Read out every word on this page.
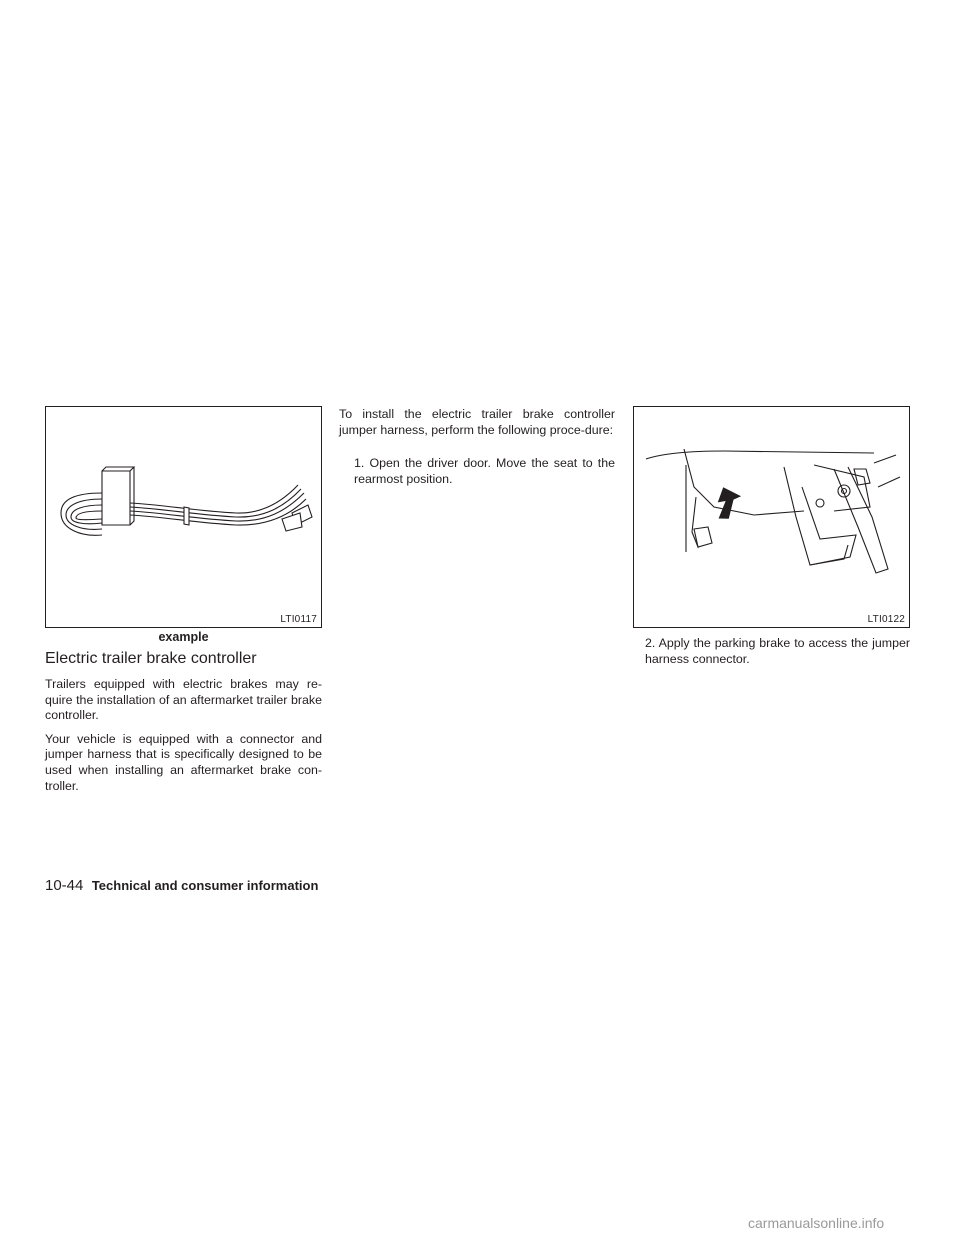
LTI0117
example
Electric trailer brake controller

Trailers equipped with electric brakes may re-quire the installation of an aftermarket trailer brake controller.

Your vehicle is equipped with a connector and jumper harness that is specifically designed to be used when installing an aftermarket brake con-troller.

To install the electric trailer brake controller jumper harness, perform the following proce-dure:
1. Open the driver door. Move the seat to the rearmost position.
LTI0122
2. Apply the parking brake to access the jumper harness connector.
10-44 Technical and consumer information
carmanualsonline.info
